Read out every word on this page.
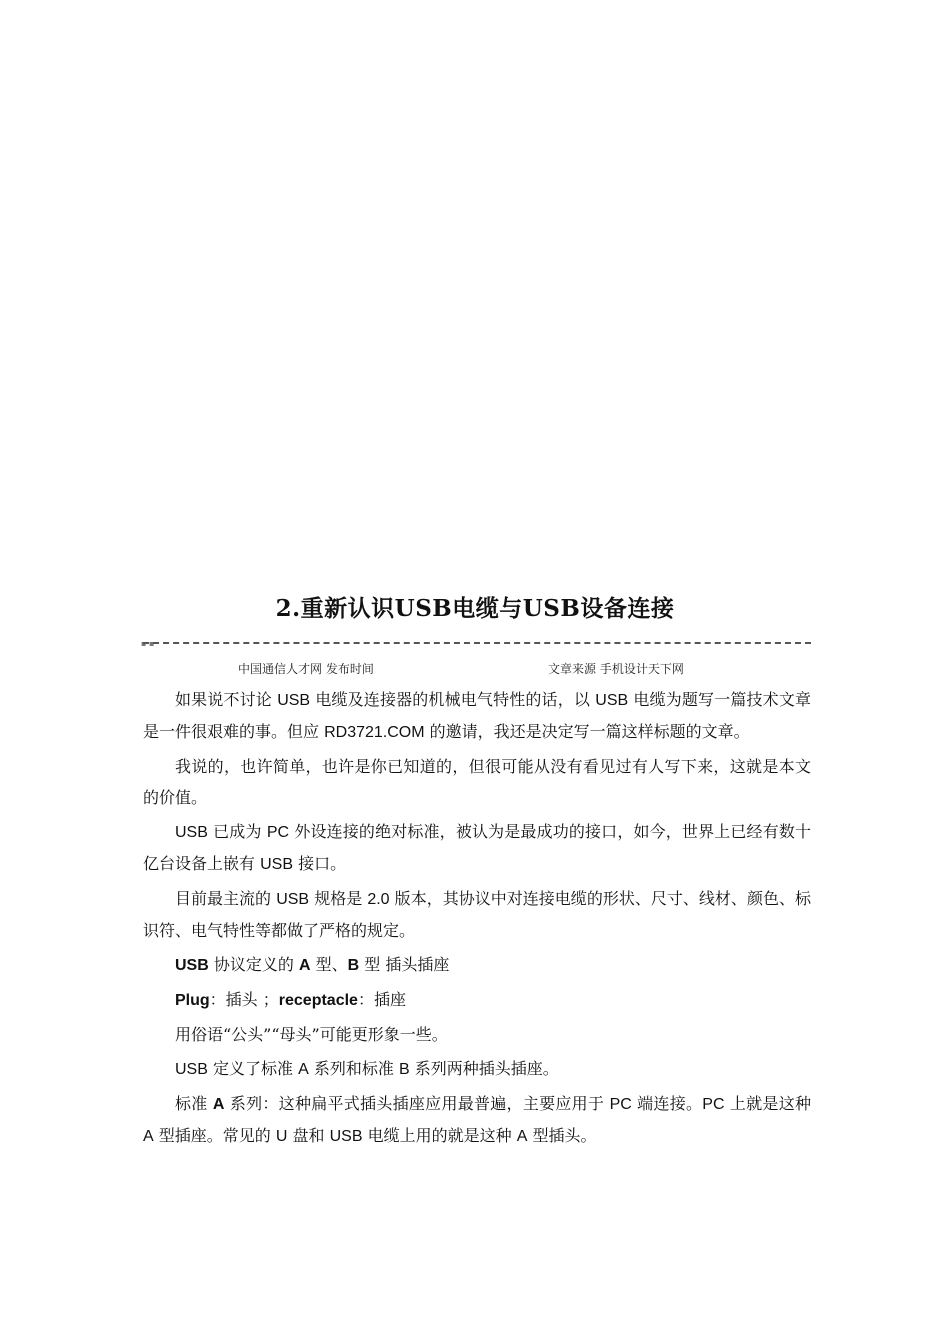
2.重新认识USB电缆与USB设备连接
▪ ▪
中国通信人才网 发布时间	文章来源 手机设计天下网

如果说不讨论 USB 电缆及连接器的机械电气特性的话，以 USB 电缆为题写一篇技术文章是一件很艰难的事。但应 RD3721.COM 的邀请，我还是决定写一篇这样标题的文章。

我说的，也许简单，也许是你已知道的，但很可能从没有看见过有人写下来，这就是本文的价值。

USB 已成为 PC 外设连接的绝对标准，被认为是最成功的接口，如今，世界上已经有数十亿台设备上嵌有 USB 接口。

目前最主流的 USB 规格是 2.0 版本，其协议中对连接电缆的形状、尺寸、线材、颜色、标识符、电气特性等都做了严格的规定。

USB 协议定义的 A 型、B 型 插头插座

Plug：插头 ；receptacle：插座

用俗语“公头”“母头”可能更形象一些。

USB 定义了标准 A 系列和标准 B 系列两种插头插座。

标准 A 系列：这种扁平式插头插座应用最普遍，主要应用于 PC 端连接。PC 上就是这种 A 型插座。常见的 U 盘和 USB 电缆上用的就是这种 A 型插头。
